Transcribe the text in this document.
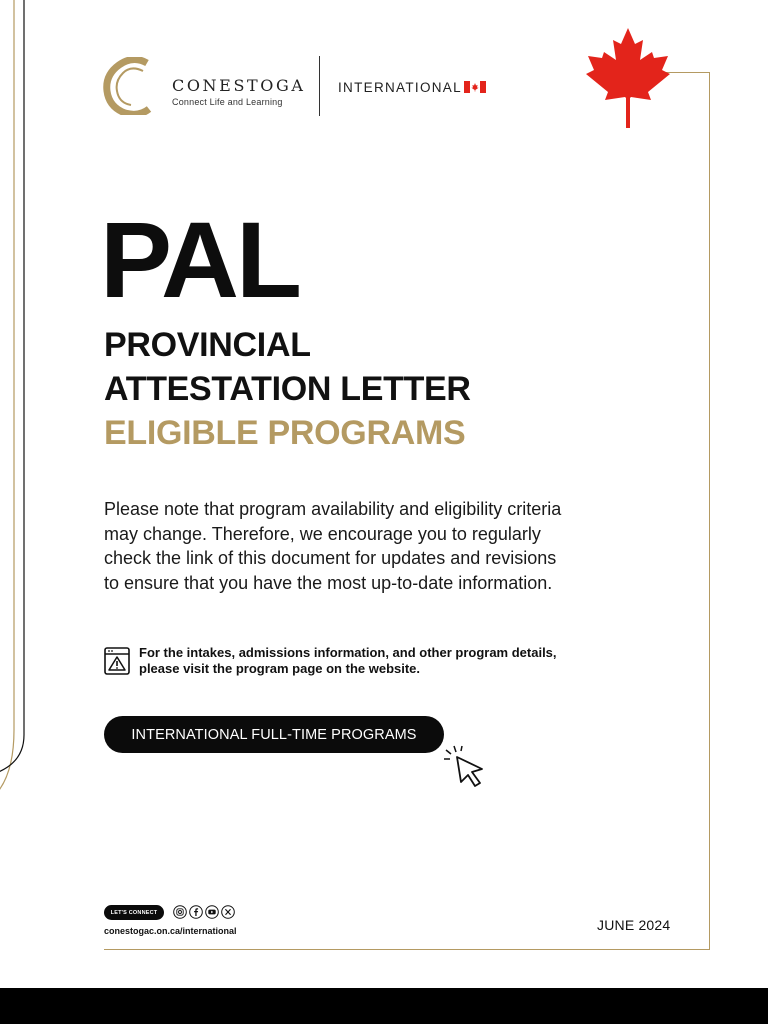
CONESTOGA
Connect Life and Learning
INTERNATIONAL
PAL
PROVINCIAL
ATTESTATION LETTER
ELIGIBLE PROGRAMS

Please note that program availability and eligibility criteria may change. Therefore, we encourage you to regularly check the link of this document for updates and revisions to ensure that you have the most up-to-date information.

For the intakes, admissions information, and other program details, please visit the program page on the website.

INTERNATIONAL FULL-TIME PROGRAMS
LET'S CONNECT
conestogac.on.ca/international	JUNE 2024
